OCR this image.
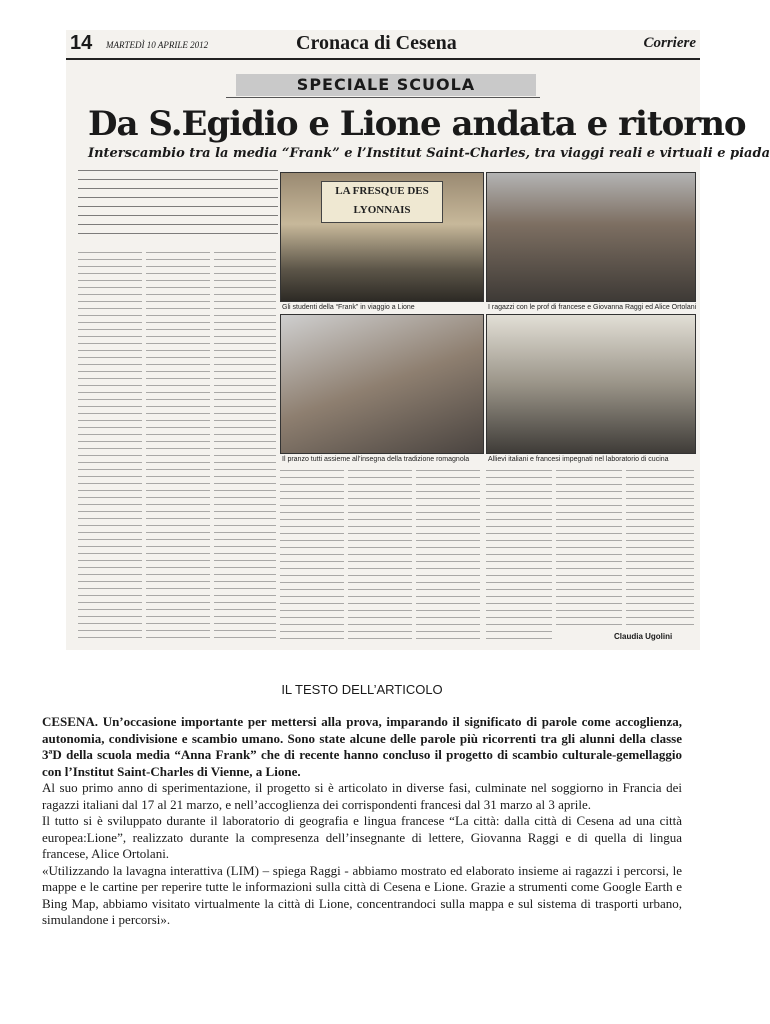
14 MARTEDÌ 10 APRILE 2012	Cronaca di Cesena	Corriere
SPECIALE SCUOLA
Da S.Egidio e Lione andata e ritorno
Interscambio tra la media “Frank” e l’Institut Saint-Charles, tra viaggi reali e virtuali e piada
LA FRESQUE DES LYONNAIS
Gli studenti della “Frank” in viaggio a Lione	I ragazzi con le prof di francese e Giovanna Raggi ed Alice Ortolani
Il pranzo tutti assieme all’insegna della tradizione romagnola	Allievi italiani e francesi impegnati nel laboratorio di cucina
Claudia Ugolini
IL TESTO DELL’ARTICOLO

CESENA. Un’occasione importante per mettersi alla prova, imparando il significato di parole come accoglienza, autonomia, condivisione e scambio umano. Sono state alcune delle parole più ricorrenti tra gli alunni della classe 3ªD della scuola media “Anna Frank” che di recente hanno concluso il progetto di scambio culturale-gemellaggio con l’Institut Saint-Charles di Vienne, a Lione.

Al suo primo anno di sperimentazione, il progetto si è articolato in diverse fasi, culminate nel soggiorno in Francia dei ragazzi italiani dal 17 al 21 marzo, e nell’accoglienza dei corrispondenti francesi dal 31 marzo al 3 aprile.

Il tutto si è sviluppato durante il laboratorio di geografia e lingua francese “La città: dalla città di Cesena ad una città europea:Lione”, realizzato durante la compresenza dell’insegnante di lettere, Giovanna Raggi e di quella di lingua francese, Alice Ortolani.

«Utilizzando la lavagna interattiva (LIM) – spiega Raggi - abbiamo mostrato ed elaborato insieme ai ragazzi i percorsi, le mappe e le cartine per reperire tutte le informazioni sulla città di Cesena e Lione. Grazie a strumenti come Google Earth e Bing Map, abbiamo visitato virtualmente la città di Lione, concentrandoci sulla mappa e sul sistema di trasporti urbano, simulandone i percorsi».
